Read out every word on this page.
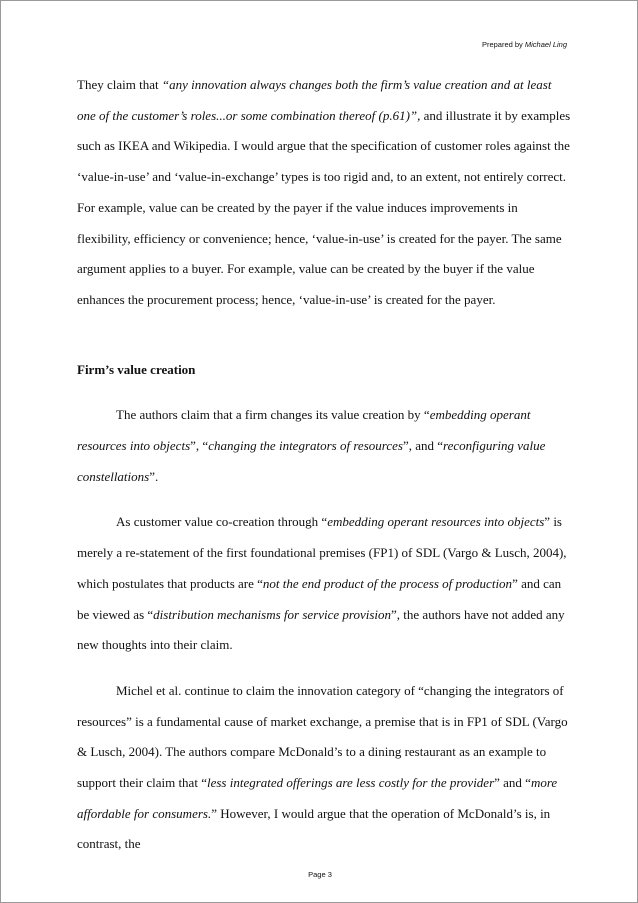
Prepared by Michael Ling

They claim that “any innovation always changes both the firm’s value creation and at least one of the customer’s roles...or some combination thereof (p.61)”, and illustrate it by examples such as IKEA and Wikipedia. I would argue that the specification of customer roles against the ‘value-in-use’ and ‘value-in-exchange’ types is too rigid and, to an extent, not entirely correct. For example, value can be created by the payer if the value induces improvements in flexibility, efficiency or convenience; hence, ‘value-in-use’ is created for the payer. The same argument applies to a buyer. For example, value can be created by the buyer if the value enhances the procurement process; hence, ‘value-in-use’ is created for the payer.

Firm’s value creation

The authors claim that a firm changes its value creation by “embedding operant resources into objects”, “changing the integrators of resources”, and “reconfiguring value constellations”.

As customer value co-creation through “embedding operant resources into objects” is merely a re-statement of the first foundational premises (FP1) of SDL (Vargo & Lusch, 2004), which postulates that products are “not the end product of the process of production” and can be viewed as “distribution mechanisms for service provision”, the authors have not added any new thoughts into their claim.

Michel et al. continue to claim the innovation category of “changing the integrators of resources” is a fundamental cause of market exchange, a premise that is in FP1 of SDL (Vargo & Lusch, 2004). The authors compare McDonald’s to a dining restaurant as an example to support their claim that “less integrated offerings are less costly for the provider” and “more affordable for consumers.” However, I would argue that the operation of McDonald’s is, in contrast, the

Page 3
